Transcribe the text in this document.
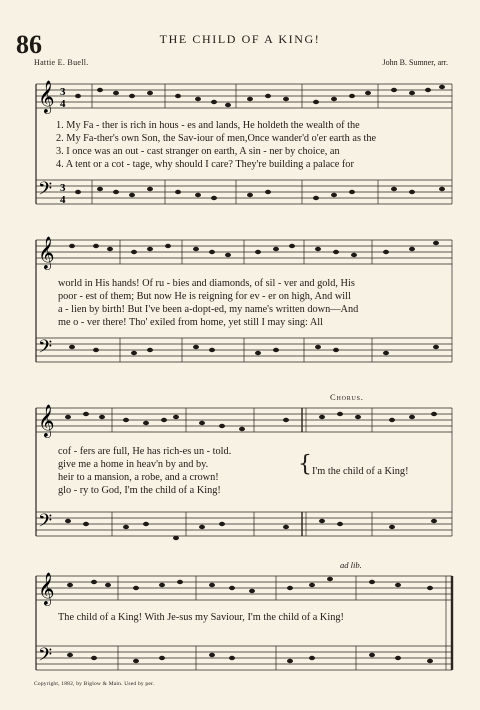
86	THE CHILD OF A KING!
Hattie E. Buell.	John B. Sumner, arr.
𝄞
𝄢
3
4
3
4
1. My Fa - ther is rich in hous - es and lands, He holdeth the wealth of the
2. My Fa-ther's own Son, the Sav-iour of men,Once wander'd o'er earth as the
3. I once was an out - cast stranger on earth, A sin - ner by choice, an
4. A tent or a cot - tage, why should I care? They're building a palace for
𝄞
𝄢
world in His hands! Of ru - bies and diamonds, of sil - ver and gold, His
poor - est of them; But now He is reigning for ev - er on high, And will
a - lien by birth! But I've been a-dopt-ed, my name's written down—And
me o - ver there! Tho' exiled from home, yet still I may sing: All
Chorus.
𝄞
𝄢
cof - fers are full, He has rich-es un - told.
give me a home in heav'n by and by.
heir to a mansion, a robe, and a crown!
glo - ry to God, I'm the child of a King!
{ I'm the child of a King!
ad lib.
𝄞
𝄢
The child of a King! With Je-sus my Saviour, I'm the child of a King!
Copyright, 1882, by Biglow & Main. Used by per.
